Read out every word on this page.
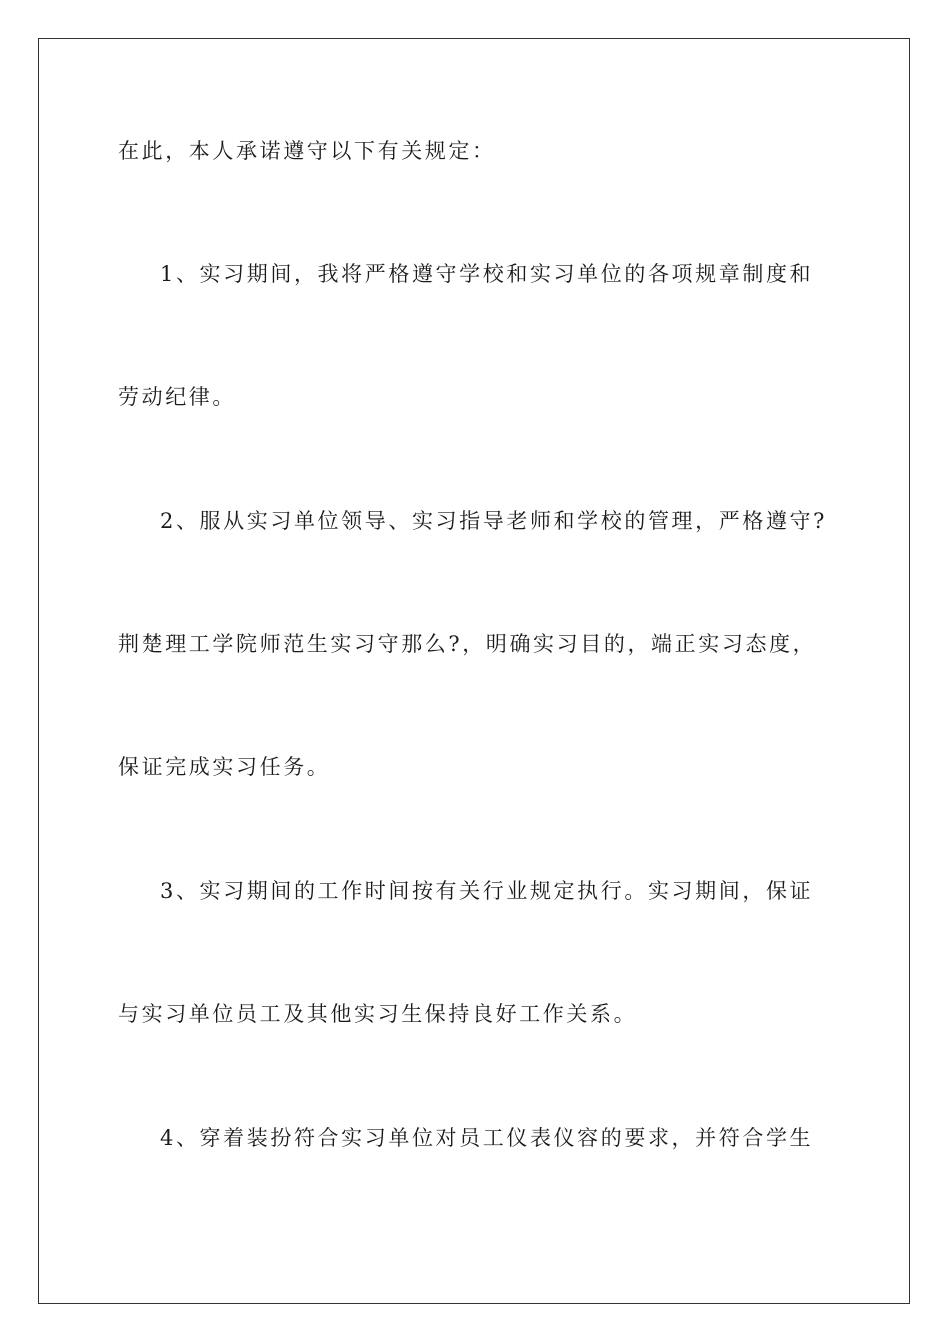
在此，本人承诺遵守以下有关规定：
1、实习期间，我将严格遵守学校和实习单位的各项规章制度和
劳动纪律。
2、服从实习单位领导、实习指导老师和学校的管理，严格遵守?
荆楚理工学院师范生实习守那么?，明确实习目的，端正实习态度，
保证完成实习任务。
3、实习期间的工作时间按有关行业规定执行。实习期间，保证
与实习单位员工及其他实习生保持良好工作关系。
4、穿着装扮符合实习单位对员工仪表仪容的要求，并符合学生
